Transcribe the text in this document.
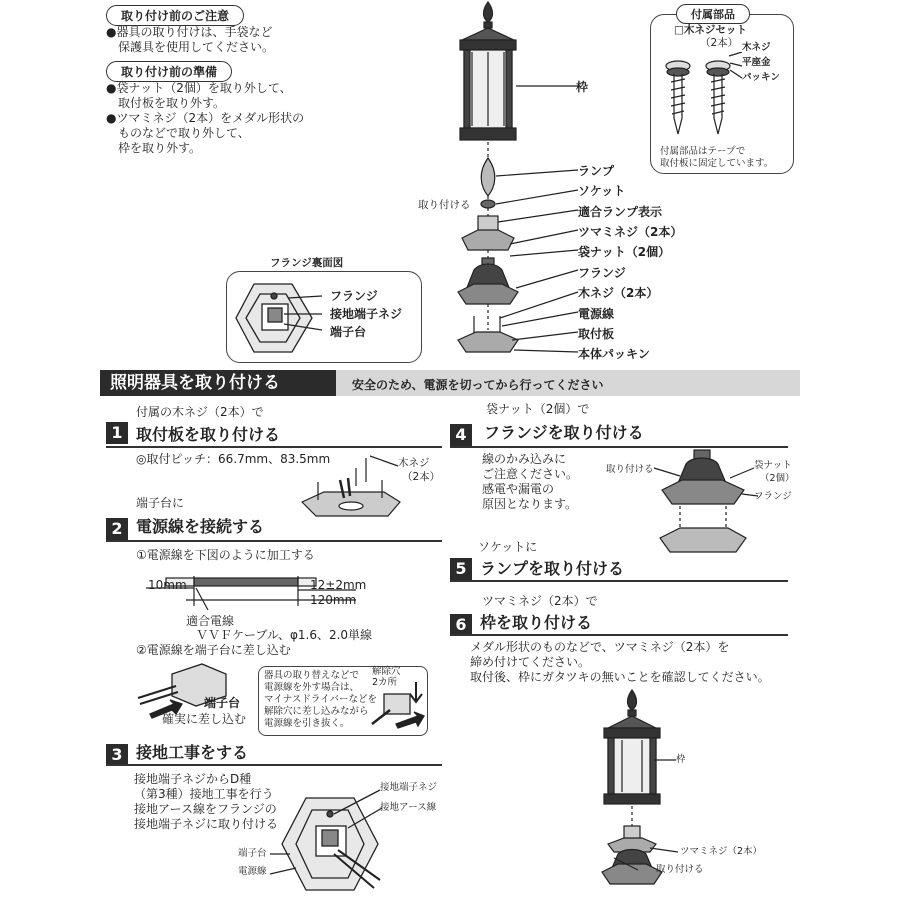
取り付け前のご注意
●器具の取り付けは、手袋など
　保護具を使用してください。
取り付け前の準備
●袋ナット（2個）を取り外して、
　取付板を取り外す。
●ツマミネジ（2本）をメダル形状の
　ものなどで取り外して、
　枠を取り外す。
付属部品
□木ネジセット
（2本） 木ネジ
平座金
パッキン
付属部品はテープで
取付板に固定しています。
枠
ランプ
ソケット
適合ランプ表示
ツマミネジ（2本）
袋ナット（2個）
フランジ
木ネジ（2本）
電源線
取付板
本体パッキン
取り付ける
フランジ裏面図
フランジ
接地端子ネジ
端子台
照明器具を取り付ける	安全のため、電源を切ってから行ってください
付属の木ネジ（2本）で
1 取付板を取り付ける
◎取付ピッチ：66.7mm、83.5mm	木ネジ
（2本）
端子台に
2 電源線を接続する
①電源線を下図のように加工する
10mm	12±2mm
120mm
適合電線
ＶＶＦケーブル、φ1.6、2.0単線
②電源線を端子台に差し込む
端子台
確実に差し込む
器具の取り替えなどで
電源線を外す場合は、
マイナスドライバーなどを
解除穴に差し込みながら
電源線を引き抜く。
解除穴
2カ所
3 接地工事をする
接地端子ネジからD種
（第3種）接地工事を行う
接地アース線をフランジの
接地端子ネジに取り付ける
接地端子ネジ
接地アース線
端子台
電源線
袋ナット（2個）で
4	フランジを取り付ける
線のかみ込みに
ご注意ください。
感電や漏電の
原因となります。
取り付ける	袋ナット
（2個）
フランジ
ソケットに
5 ランプを取り付ける
ツマミネジ（2本）で
6 枠を取り付ける
メダル形状のものなどで、ツマミネジ（2本）を
締め付けてください。
取付後、枠にガタツキの無いことを確認してください。
枠
ツマミネジ（2本）
取り付ける
